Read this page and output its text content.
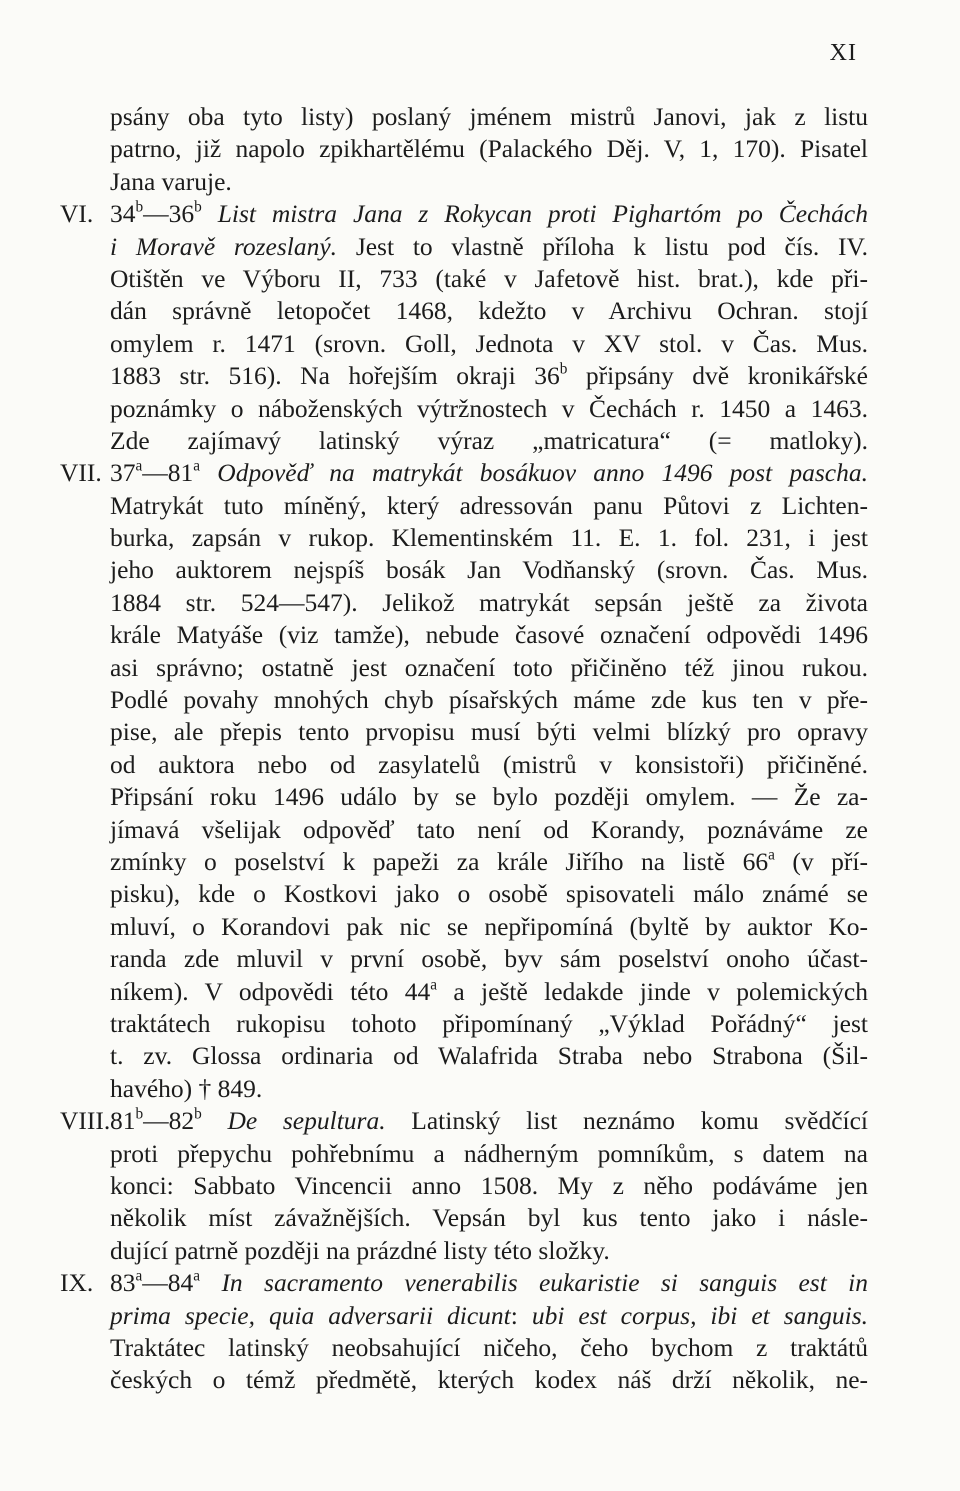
XI
psány oba tyto listy) poslaný jménem mistrů Janovi, jak z listu
patrno, již napolo zpikhartělému (Palackého Děj. V, 1, 170). Pisatel
Jana varuje.
VI. 34$^b$—36$^b$ List mistra Jana z Rokycan proti Pighartóm po Čechách
i Moravě rozeslaný. Jest to vlastně příloha k listu pod čís. IV.
Otištěn ve Výboru II, 733 (také v Jafetově hist. brat.), kde při-
dán správně letopočet 1468, kdežto v Archivu Ochran. stojí
omylem r. 1471 (srovn. Goll, Jednota v XV stol. v Čas. Mus.
1883 str. 516). Na hořejším okraji 36$^b$ připsány dvě kronikářské
poznámky o náboženských výtržnostech v Čechách r. 1450 a 1463.
Zde zajímavý latinský výraz „matricatura“ (= matloky).
VII. 37$^a$—81$^a$ Odpověď na matrykát bosákuov anno 1496 post pascha.
Matrykát tuto míněný, který adressován panu Půtovi z Lichten-
burka, zapsán v rukop. Klementinském 11. E. 1. fol. 231, i jest
jeho auktorem nejspíš bosák Jan Vodňanský (srovn. Čas. Mus.
1884 str. 524—547). Jelikož matrykát sepsán ještě za života
krále Matyáše (viz tamže), nebude časové označení odpovědi 1496
asi správno; ostatně jest označení toto přičiněno též jinou rukou.
Podlé povahy mnohých chyb písařských máme zde kus ten v pře-
pise, ale přepis tento prvopisu musí býti velmi blízký pro opravy
od auktora nebo od zasylatelů (mistrů v konsistoři) přičiněné.
Připsání roku 1496 událo by se bylo později omylem. — Že za-
jímavá všelijak odpověď tato není od Korandy, poznáváme ze
zmínky o poselství k papeži za krále Jiřího na listě 66$^a$ (v pří-
pisku), kde o Kostkovi jako o osobě spisovateli málo známé se
mluví, o Korandovi pak nic se nepřipomíná (byltě by auktor Ko-
randa zde mluvil v první osobě, byv sám poselství onoho účast-
níkem). V odpovědi této 44$^a$ a ještě ledakde jinde v polemických
traktátech rukopisu tohoto připomínaný „Výklad Pořádný“ jest
t. zv. Glossa ordinaria od Walafrida Straba nebo Strabona (Šil-
havého) † 849.
VIII.81$^b$—82$^b$ De sepultura. Latinský list neznámo komu svědčící
proti přepychu pohřebnímu a nádherným pomníkům, s datem na
konci: Sabbato Vincencii anno 1508. My z něho podáváme jen
několik míst závažnějších. Vepsán byl kus tento jako i násle-
dující patrně později na prázdné listy této složky.
IX. 83$^a$—84$^a$ In sacramento venerabilis eukaristie si sanguis est in
prima specie, quia adversarii dicunt: ubi est corpus, ibi et sanguis.
Traktátec latinský neobsahující ničeho, čeho bychom z traktátů
českých o témž předmětě, kterých kodex náš drží několik, ne-
